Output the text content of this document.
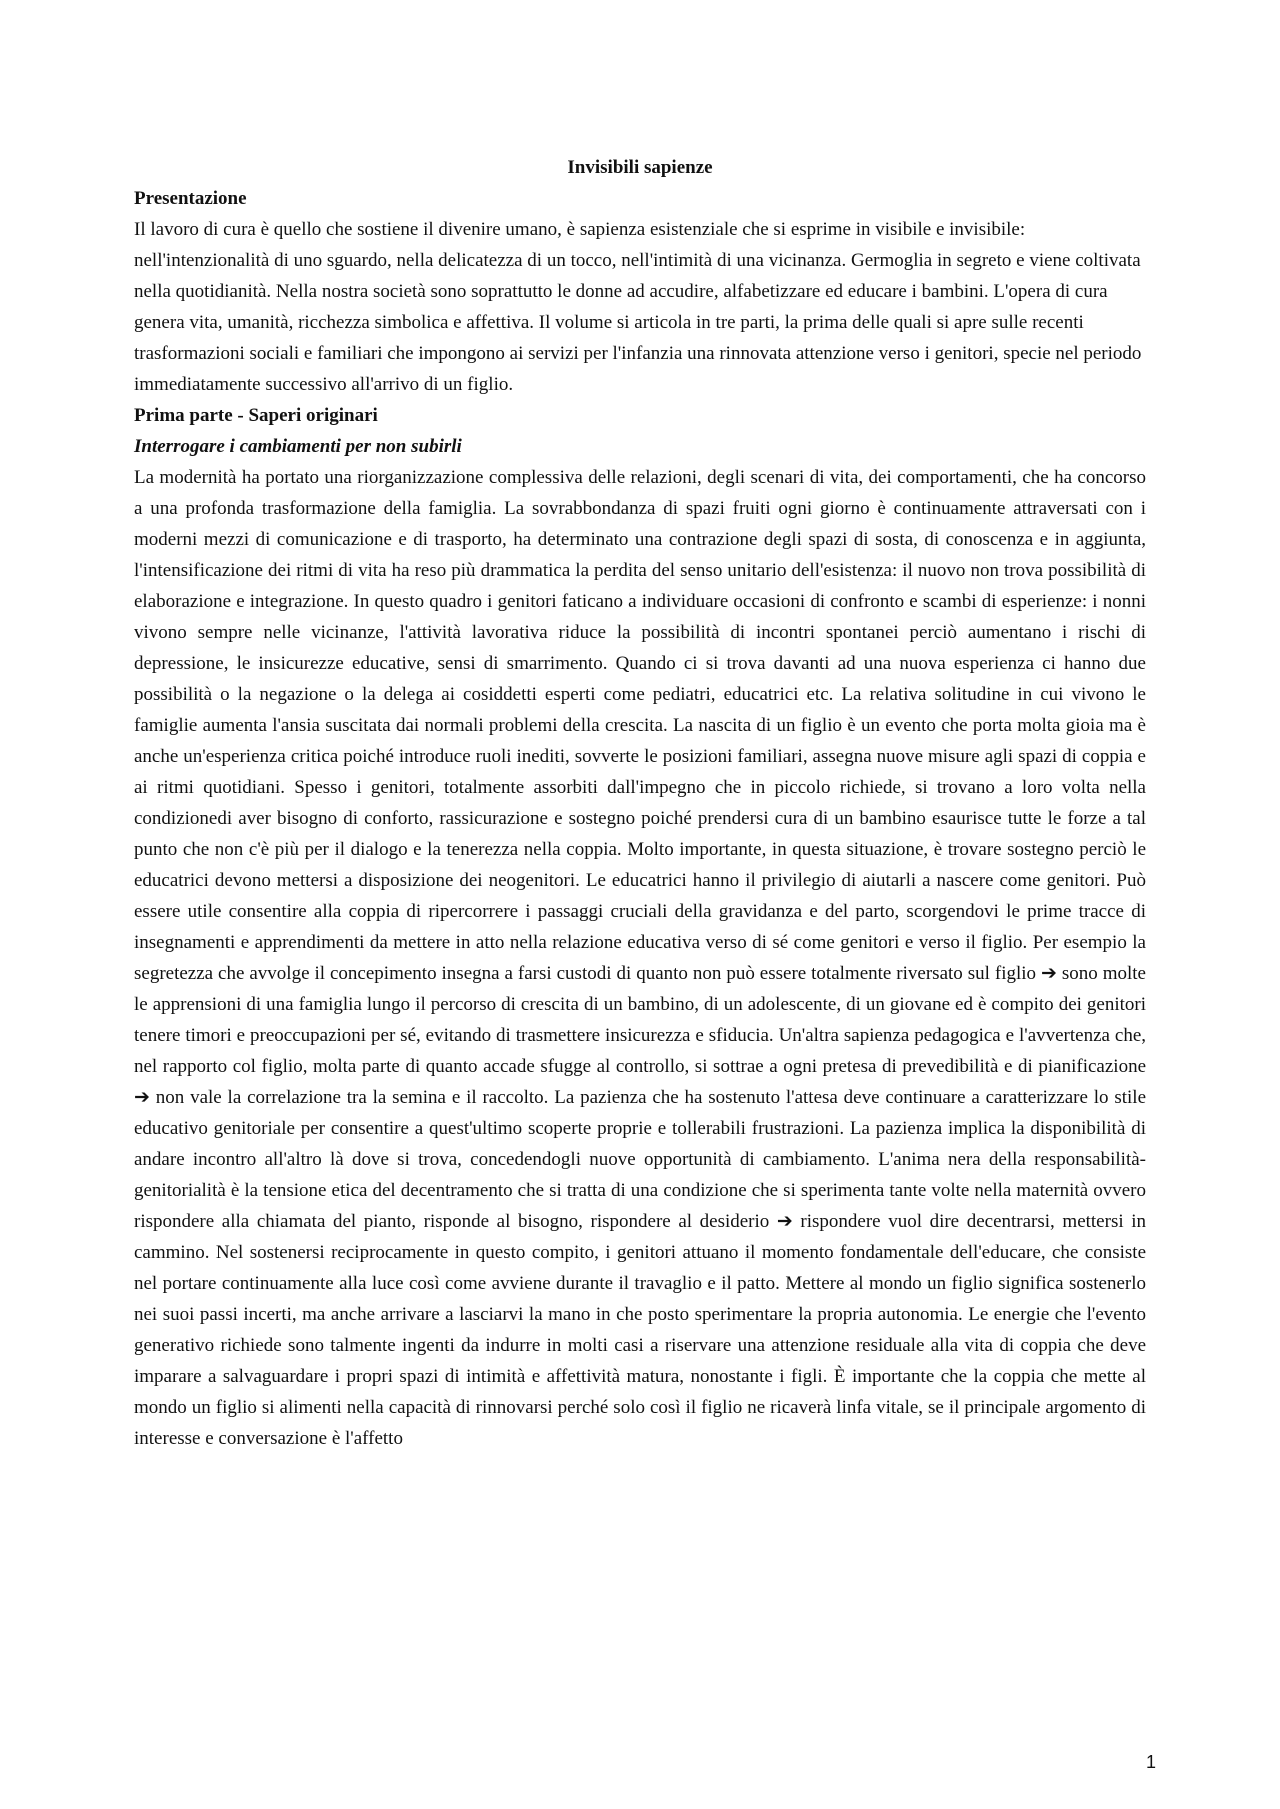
Invisibili sapienze
Presentazione

Il lavoro di cura è quello che sostiene il divenire umano, è sapienza esistenziale che si esprime in visibile e invisibile: nell'intenzionalità di uno sguardo, nella delicatezza di un tocco, nell'intimità di una vicinanza. Germoglia in segreto e viene coltivata nella quotidianità. Nella nostra società sono soprattutto le donne ad accudire, alfabetizzare ed educare i bambini. L'opera di cura genera vita, umanità, ricchezza simbolica e affettiva. Il volume si articola in tre parti, la prima delle quali si apre sulle recenti trasformazioni sociali e familiari che impongono ai servizi per l'infanzia una rinnovata attenzione verso i genitori, specie nel periodo immediatamente successivo all'arrivo di un figlio.

Prima parte - Saperi originari
Interrogare i cambiamenti per non subirli

La modernità ha portato una riorganizzazione complessiva delle relazioni, degli scenari di vita, dei comportamenti, che ha concorso a una profonda trasformazione della famiglia. La sovrabbondanza di spazi fruiti ogni giorno è continuamente attraversati con i moderni mezzi di comunicazione e di trasporto, ha determinato una contrazione degli spazi di sosta, di conoscenza e in aggiunta, l'intensificazione dei ritmi di vita ha reso più drammatica la perdita del senso unitario dell'esistenza: il nuovo non trova possibilità di elaborazione e integrazione. In questo quadro i genitori faticano a individuare occasioni di confronto e scambi di esperienze: i nonni vivono sempre nelle vicinanze, l'attività lavorativa riduce la possibilità di incontri spontanei perciò aumentano i rischi di depressione, le insicurezze educative, sensi di smarrimento. Quando ci si trova davanti ad una nuova esperienza ci hanno due possibilità o la negazione o la delega ai cosiddetti esperti come pediatri, educatrici etc. La relativa solitudine in cui vivono le famiglie aumenta l'ansia suscitata dai normali problemi della crescita. La nascita di un figlio è un evento che porta molta gioia ma è anche un'esperienza critica poiché introduce ruoli inediti, sovverte le posizioni familiari, assegna nuove misure agli spazi di coppia e ai ritmi quotidiani. Spesso i genitori, totalmente assorbiti dall'impegno che in piccolo richiede, si trovano a loro volta nella condizionedi aver bisogno di conforto, rassicurazione e sostegno poiché prendersi cura di un bambino esaurisce tutte le forze a tal punto che non c'è più per il dialogo e la tenerezza nella coppia. Molto importante, in questa situazione, è trovare sostegno perciò le educatrici devono mettersi a disposizione dei neogenitori. Le educatrici hanno il privilegio di aiutarli a nascere come genitori. Può essere utile consentire alla coppia di ripercorrere i passaggi cruciali della gravidanza e del parto, scorgendovi le prime tracce di insegnamenti e apprendimenti da mettere in atto nella relazione educativa verso di sé come genitori e verso il figlio. Per esempio la segretezza che avvolge il concepimento insegna a farsi custodi di quanto non può essere totalmente riversato sul figlio ➔ sono molte le apprensioni di una famiglia lungo il percorso di crescita di un bambino, di un adolescente, di un giovane ed è compito dei genitori tenere timori e preoccupazioni per sé, evitando di trasmettere insicurezza e sfiducia. Un'altra sapienza pedagogica e l'avvertenza che, nel rapporto col figlio, molta parte di quanto accade sfugge al controllo, si sottrae a ogni pretesa di prevedibilità e di pianificazione ➔ non vale la correlazione tra la semina e il raccolto. La pazienza che ha sostenuto l'attesa deve continuare a caratterizzare lo stile educativo genitoriale per consentire a quest'ultimo scoperte proprie e tollerabili frustrazioni. La pazienza implica la disponibilità di andare incontro all'altro là dove si trova, concedendogli nuove opportunità di cambiamento. L'anima nera della responsabilità-genitorialità è la tensione etica del decentramento che si tratta di una condizione che si sperimenta tante volte nella maternità ovvero rispondere alla chiamata del pianto, risponde al bisogno, rispondere al desiderio ➔ rispondere vuol dire decentrarsi, mettersi in cammino. Nel sostenersi reciprocamente in questo compito, i genitori attuano il momento fondamentale dell'educare, che consiste nel portare continuamente alla luce così come avviene durante il travaglio e il patto. Mettere al mondo un figlio significa sostenerlo nei suoi passi incerti, ma anche arrivare a lasciarvi la mano in che posto sperimentare la propria autonomia. Le energie che l'evento generativo richiede sono talmente ingenti da indurre in molti casi a riservare una attenzione residuale alla vita di coppia che deve imparare a salvaguardare i propri spazi di intimità e affettività matura, nonostante i figli. È importante che la coppia che mette al mondo un figlio si alimenti nella capacità di rinnovarsi perché solo così il figlio ne ricaverà linfa vitale, se il principale argomento di interesse e conversazione è l'affetto

1
